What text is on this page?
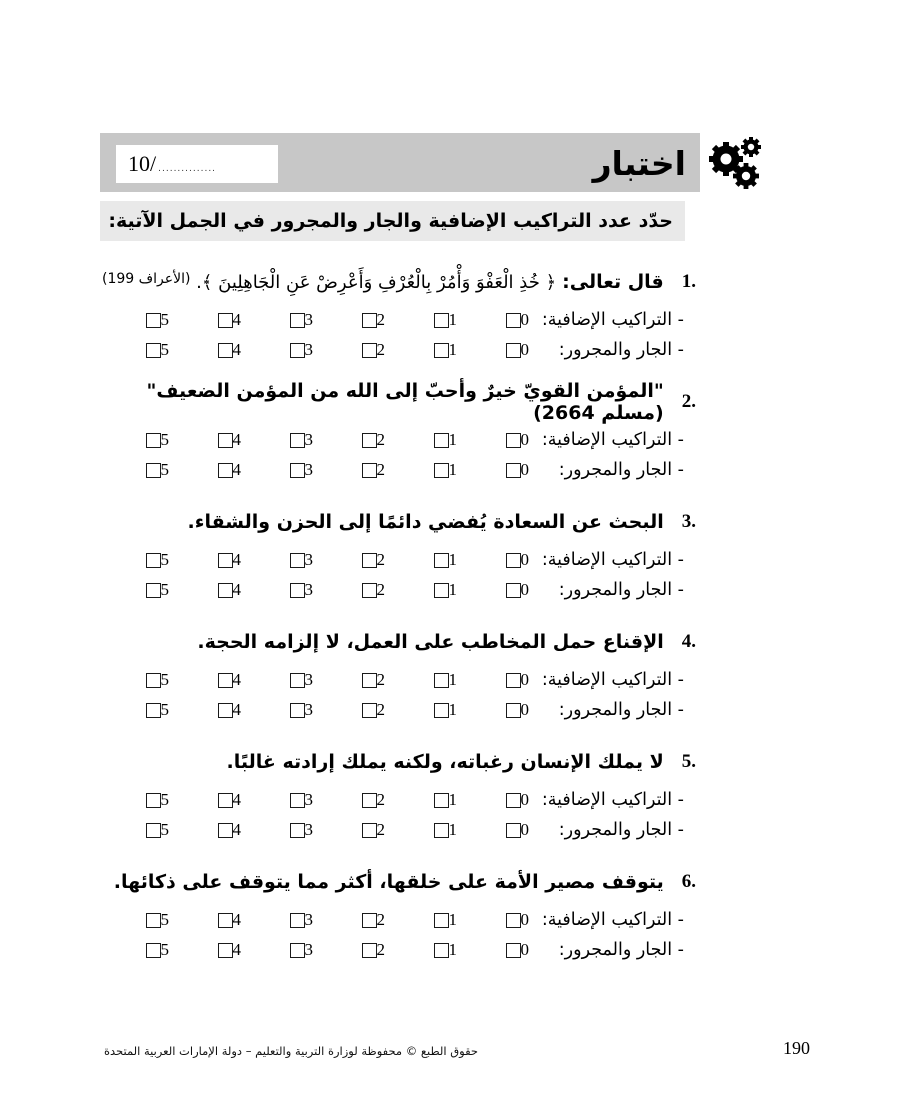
اختبار
10/ ...............
حدّد عدد التراكيب الإضافية والجار والمجرور في الجمل الآتية:
1.
قال تعالى:
﴿ خُذِ الْعَفْوَ وَأْمُرْ بِالْعُرْفِ وَأَعْرِضْ عَنِ الْجَاهِلِينَ ﴾.
(الأعراف 199)
- التراكيب الإضافية:
0
1
2
3
4
5
- الجار والمجرور:
0
1
2
3
4
5
2.
"المؤمن القويّ خيرٌ وأحبّ إلى الله من المؤمن الضعيف" (مسلم 2664)
- التراكيب الإضافية:
0
1
2
3
4
5
- الجار والمجرور:
0
1
2
3
4
5
3.
البحث عن السعادة يُفضي دائمًا إلى الحزن والشقاء.
- التراكيب الإضافية:
0
1
2
3
4
5
- الجار والمجرور:
0
1
2
3
4
5
4.
الإقناع حمل المخاطب على العمل، لا إلزامه الحجة.
- التراكيب الإضافية:
0
1
2
3
4
5
- الجار والمجرور:
0
1
2
3
4
5
5.
لا يملك الإنسان رغباته، ولكنه يملك إرادته غالبًا.
- التراكيب الإضافية:
0
1
2
3
4
5
- الجار والمجرور:
0
1
2
3
4
5
6.
يتوقف مصير الأمة على خلقها، أكثر مما يتوقف على ذكائها.
- التراكيب الإضافية:
0
1
2
3
4
5
- الجار والمجرور:
0
1
2
3
4
5
حقوق الطبع © محفوظة لوزارة التربية والتعليم – دولة الإمارات العربية المتحدة	190
